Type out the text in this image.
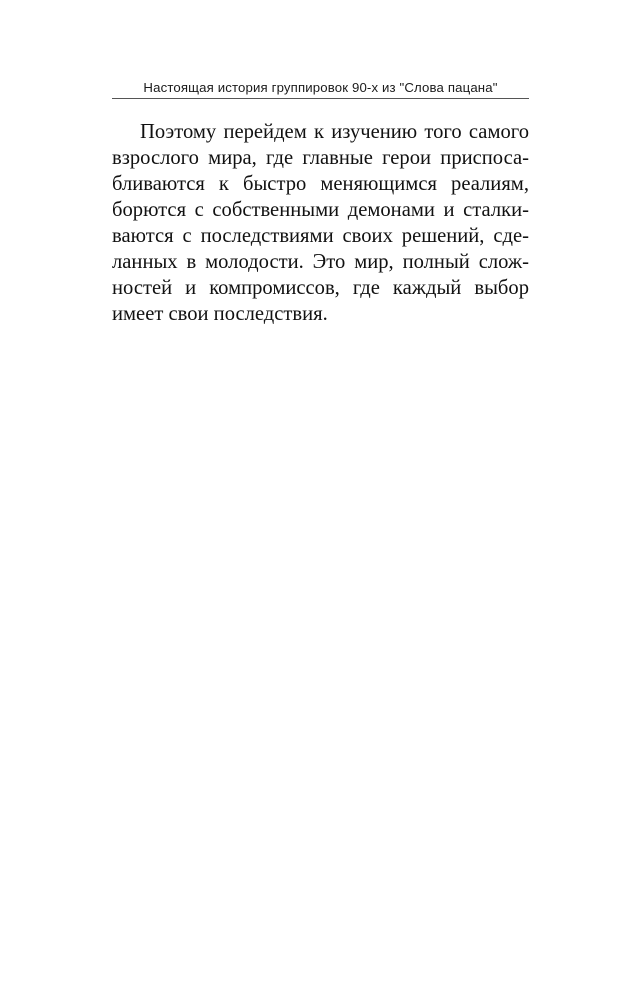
Настоящая история группировок 90-х из "Слова пацана"
Поэтому перейдем к изучению того самого
взрослого мира, где главные герои приспоса-
бливаются к быстро меняющимся реалиям,
борются с собственными демонами и сталки-
ваются с последствиями своих решений, сде-
ланных в молодости. Это мир, полный слож-
ностей и компромиссов, где каждый выбор
имеет свои последствия.
